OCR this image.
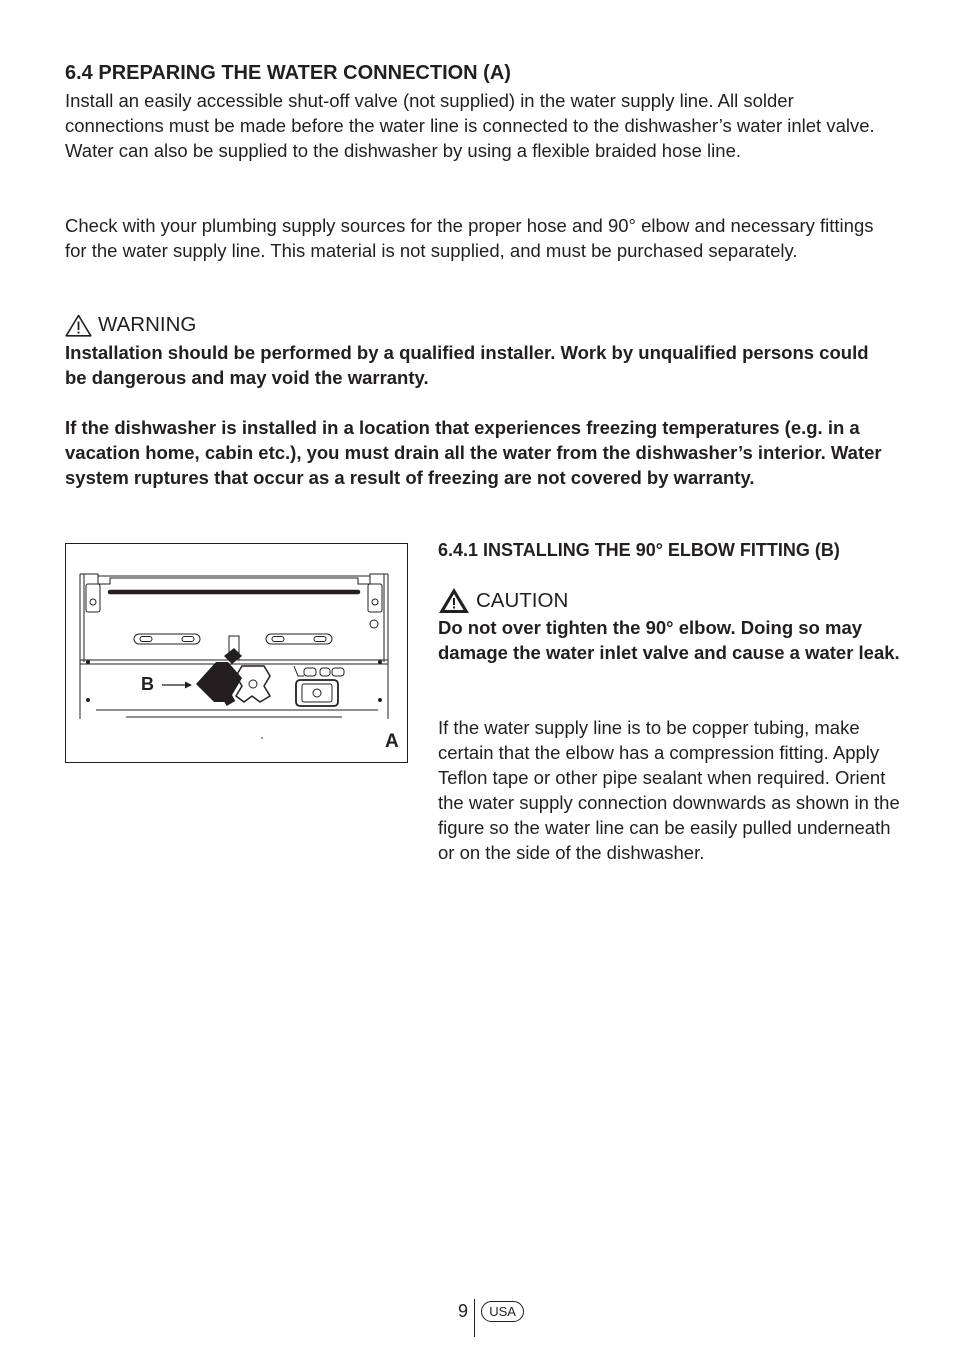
6.4 PREPARING THE WATER CONNECTION (A)

Install an easily accessible shut-off valve (not supplied) in the water supply line. All solder connections must be made before the water line is connected to the dishwasher’s water inlet valve. Water can also be supplied to the dishwasher by using a flexible braided hose line.

Check with your plumbing supply sources for the proper hose and 90° elbow and necessary fittings for the water supply line. This material is not supplied, and must be purchased separately.

WARNING

Installation should be performed by a qualified installer. Work by unqualified persons could be dangerous and may void the warranty.

If the dishwasher is installed in a location that experiences freezing temperatures (e.g. in a vacation home, cabin etc.), you must drain all the water from the dishwasher’s interior. Water system ruptures that occur as a result of freezing are not covered by warranty.

B
A
6.4.1 INSTALLING THE 90° ELBOW FITTING (B)
CAUTION

Do not over tighten the 90° elbow. Doing so may damage the water inlet valve and cause a water leak.

If the water supply line is to be copper tubing, make certain that the elbow has a compression fitting. Apply Teflon tape or other pipe sealant when required. Orient the water supply connection downwards as shown in the figure so the water line can be easily pulled underneath or on the side of the dishwasher.

9	USA
